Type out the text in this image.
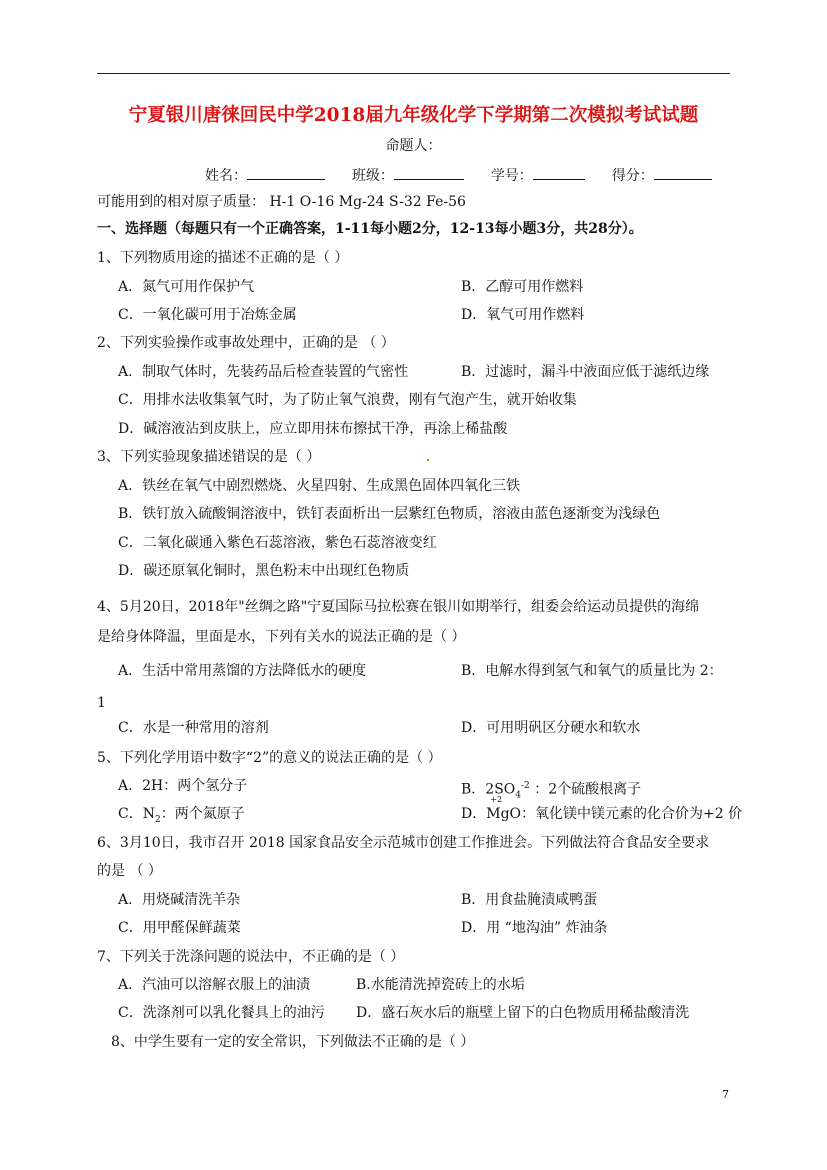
宁夏银川唐徕回民中学2018届九年级化学下学期第二次模拟考试试题
命题人：
姓名：	班级：	学号：	得分：
可能用到的相对原子质量： H-1 O-16 Mg-24 S-32 Fe-56
一、选择题（每题只有一个正确答案，1-11每小题2分，12-13每小题3分，共28分）。
1、下列物质用途的描述不正确的是（ ）
A．氮气可用作保护气	B．乙醇可用作燃料
C．一氧化碳可用于冶炼金属	D．氧气可用作燃料
2、下列实验操作或事故处理中，正确的是 （ ）
A．制取气体时，先装药品后检查装置的气密性	B．过滤时，漏斗中液面应低于滤纸边缘
C．用排水法收集氧气时，为了防止氧气浪费，刚有气泡产生，就开始收集
D．碱溶液沾到皮肤上，应立即用抹布擦拭干净，再涂上稀盐酸
3、下列实验现象描述错误的是（ ）
A．铁丝在氧气中剧烈燃烧、火星四射、生成黑色固体四氧化三铁
B．铁钉放入硫酸铜溶液中，铁钉表面析出一层紫红色物质，溶液由蓝色逐渐变为浅绿色
C．二氧化碳通入紫色石蕊溶液，紫色石蕊溶液变红
D．碳还原氧化铜时，黑色粉末中出现红色物质
4、5月20日，2018年"丝绸之路"宁夏国际马拉松赛在银川如期举行，组委会给运动员提供的海绵
是给身体降温，里面是水，下列有关水的说法正确的是（ ）
A．生活中常用蒸馏的方法降低水的硬度	B．电解水得到氢气和氧气的质量比为 2：
1
C．水是一种常用的溶剂	D．可用明矾区分硬水和软水
5、下列化学用语中数字“2”的意义的说法正确的是（ ）
A．2H：两个氢分子	B．$2SO_4^{-2}$ ：2个硫酸根离子
C．$N_2$：两个氮原子	D．
+2
MgO：氧化镁中镁元素的化合价为+2 价
6、3月10日，我市召开 2018 国家食品安全示范城市创建工作推进会。下列做法符合食品安全要求
的是 （ ）
A．用烧碱清洗羊杂	B．用食盐腌渍咸鸭蛋
C．用甲醛保鲜蔬菜	D．用 “地沟油” 炸油条
7、下列关于洗涤问题的说法中，不正确的是（ ）
A．汽油可以溶解衣服上的油渍	B.水能清洗掉瓷砖上的水垢
C．洗涤剂可以乳化餐具上的油污 D．盛石灰水后的瓶壁上留下的白色物质用稀盐酸清洗
8、中学生要有一定的安全常识，下列做法不正确的是（ ）
7
